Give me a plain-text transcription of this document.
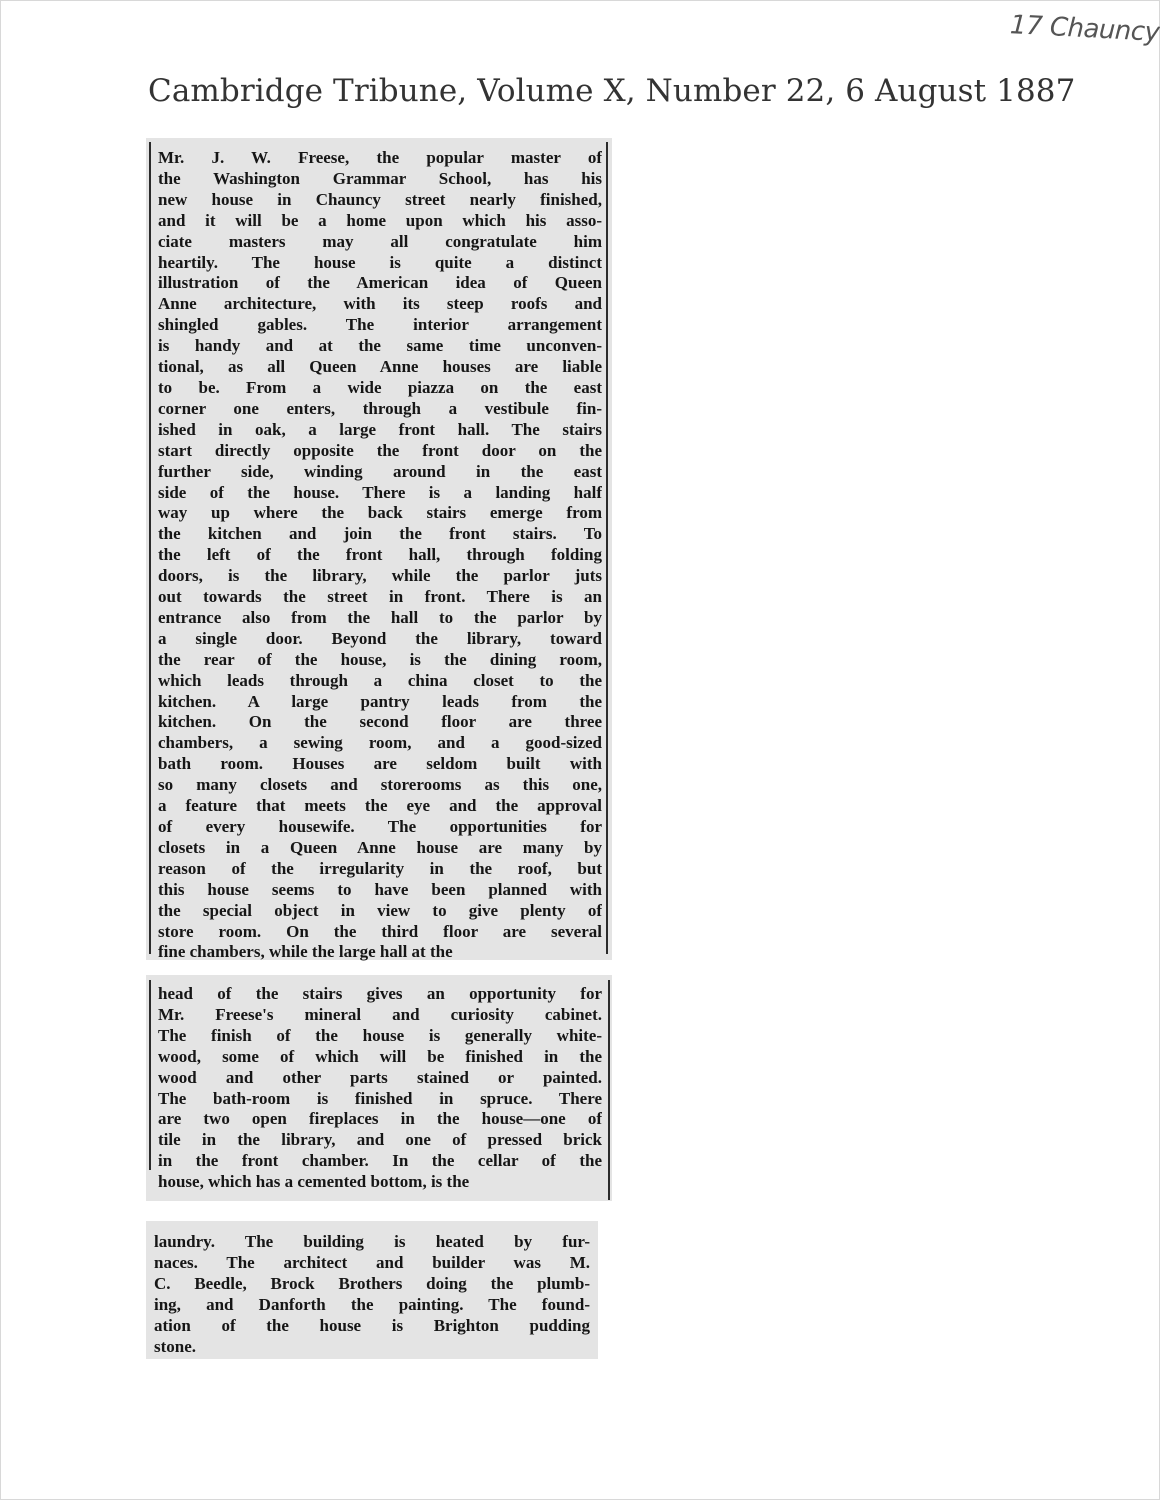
17 Chauncy
Cambridge Tribune, Volume X, Number 22, 6 August 1887
Mr. J. W. Freese, the popular master of
the Washington Grammar School, has his
new house in Chauncy street nearly finished,
and it will be a home upon which his asso-
ciate masters may all congratulate him
heartily. The house is quite a distinct
illustration of the American idea of Queen
Anne architecture, with its steep roofs and
shingled gables. The interior arrangement
is handy and at the same time unconven-
tional, as all Queen Anne houses are liable
to be. From a wide piazza on the east
corner one enters, through a vestibule fin-
ished in oak, a large front hall. The stairs
start directly opposite the front door on the
further side, winding around in the east
side of the house. There is a landing half
way up where the back stairs emerge from
the kitchen and join the front stairs. To
the left of the front hall, through folding
doors, is the library, while the parlor juts
out towards the street in front. There is an
entrance also from the hall to the parlor by
a single door. Beyond the library, toward
the rear of the house, is the dining room,
which leads through a china closet to the
kitchen. A large pantry leads from the
kitchen. On the second floor are three
chambers, a sewing room, and a good-sized
bath room. Houses are seldom built with
so many closets and storerooms as this one,
a feature that meets the eye and the approval
of every housewife. The opportunities for
closets in a Queen Anne house are many by
reason of the irregularity in the roof, but
this house seems to have been planned with
the special object in view to give plenty of
store room. On the third floor are several
fine chambers, while the large hall at the
head of the stairs gives an opportunity for
Mr. Freese's mineral and curiosity cabinet.
The finish of the house is generally white-
wood, some of which will be finished in the
wood and other parts stained or painted.
The bath-room is finished in spruce. There
are two open fireplaces in the house—one of
tile in the library, and one of pressed brick
in the front chamber. In the cellar of the
house, which has a cemented bottom, is the
laundry. The building is heated by fur-
naces. The architect and builder was M.
C. Beedle, Brock Brothers doing the plumb-
ing, and Danforth the painting. The found-
ation of the house is Brighton pudding
stone.
